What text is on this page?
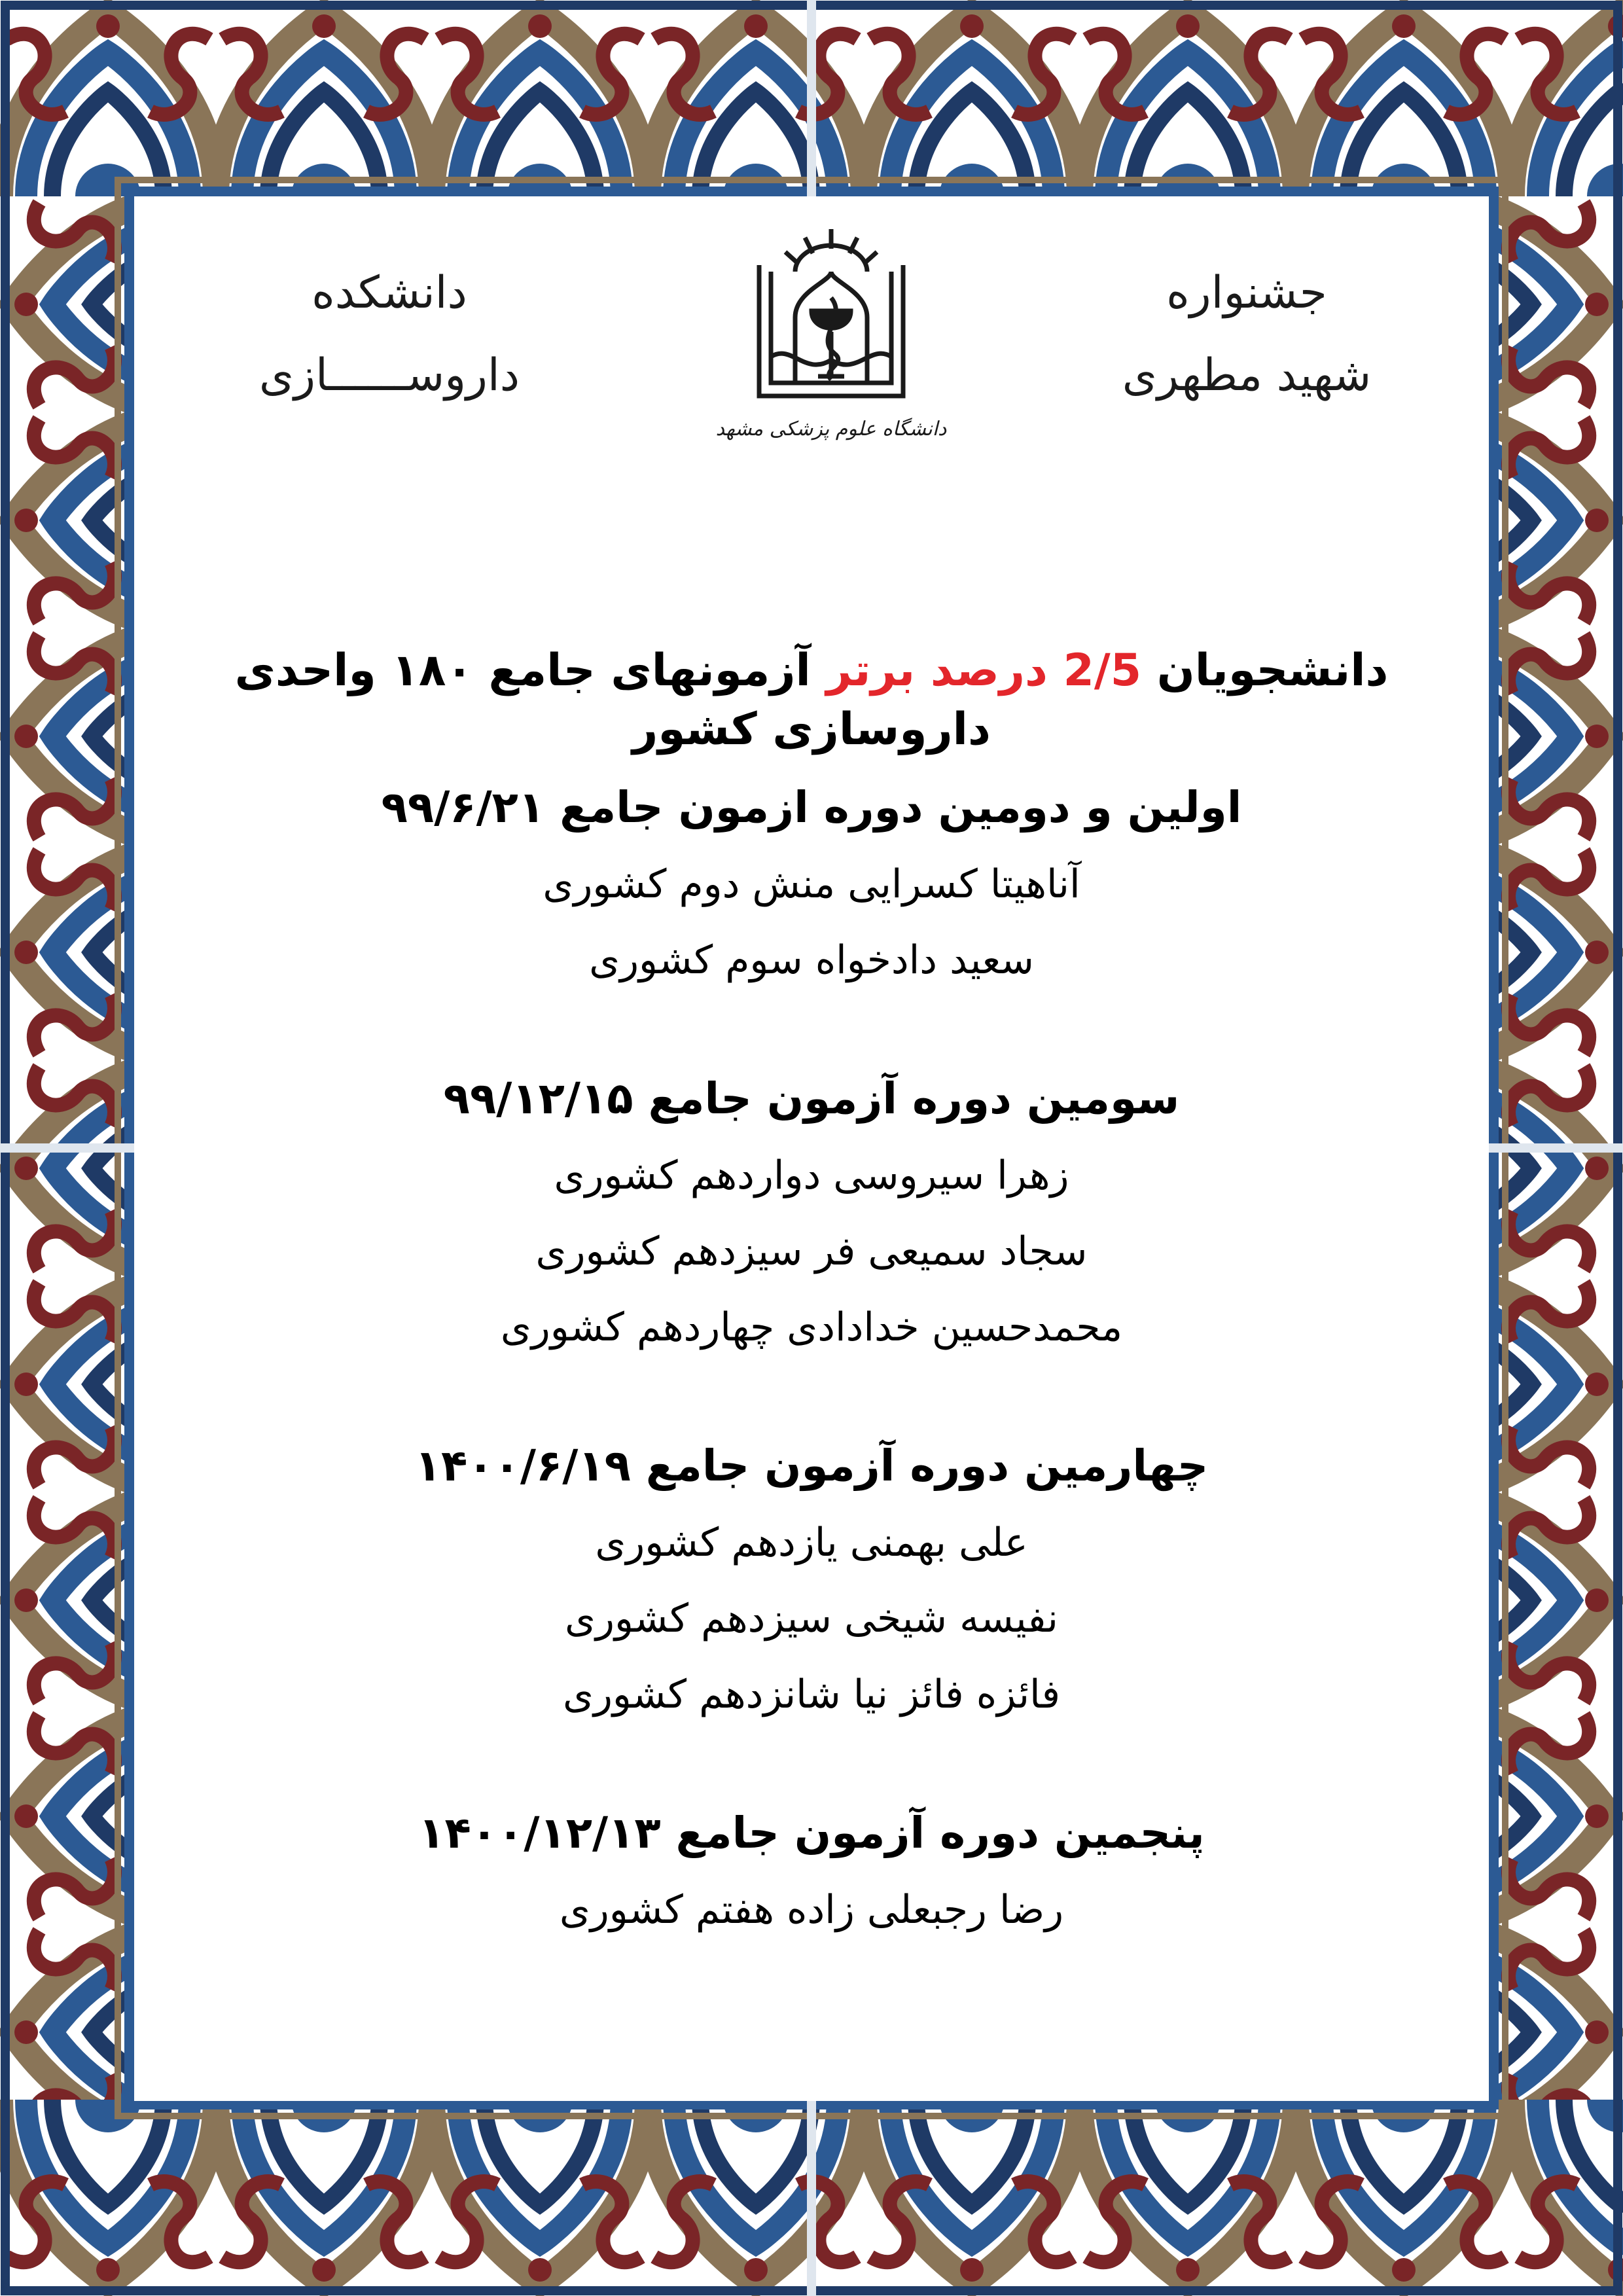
جشنواره
شهید مطهری
دانشگاه علوم پزشکی مشهد
دانشکده
داروســــــازی
دانشجویان 2/5 درصد برتر آزمونهای جامع ۱۸۰ واحدی داروسازی کشور
اولین و دومین دوره ازمون جامع ۹۹/۶/۲۱
آناهیتا کسرایی منش دوم کشوری
سعید دادخواه سوم کشوری
سومین دوره آزمون جامع ۹۹/۱۲/۱۵
زهرا سیروسی دواردهم کشوری
سجاد سمیعی فر سیزدهم کشوری
محمدحسین خدادادی چهاردهم کشوری
چهارمین دوره آزمون جامع ۱۴۰۰/۶/۱۹
علی بهمنی یازدهم کشوری
نفیسه شیخی سیزدهم کشوری
فائزه فائز نیا شانزدهم کشوری
پنجمین دوره آزمون جامع ۱۴۰۰/۱۲/۱۳
رضا رجبعلی زاده هفتم کشوری
